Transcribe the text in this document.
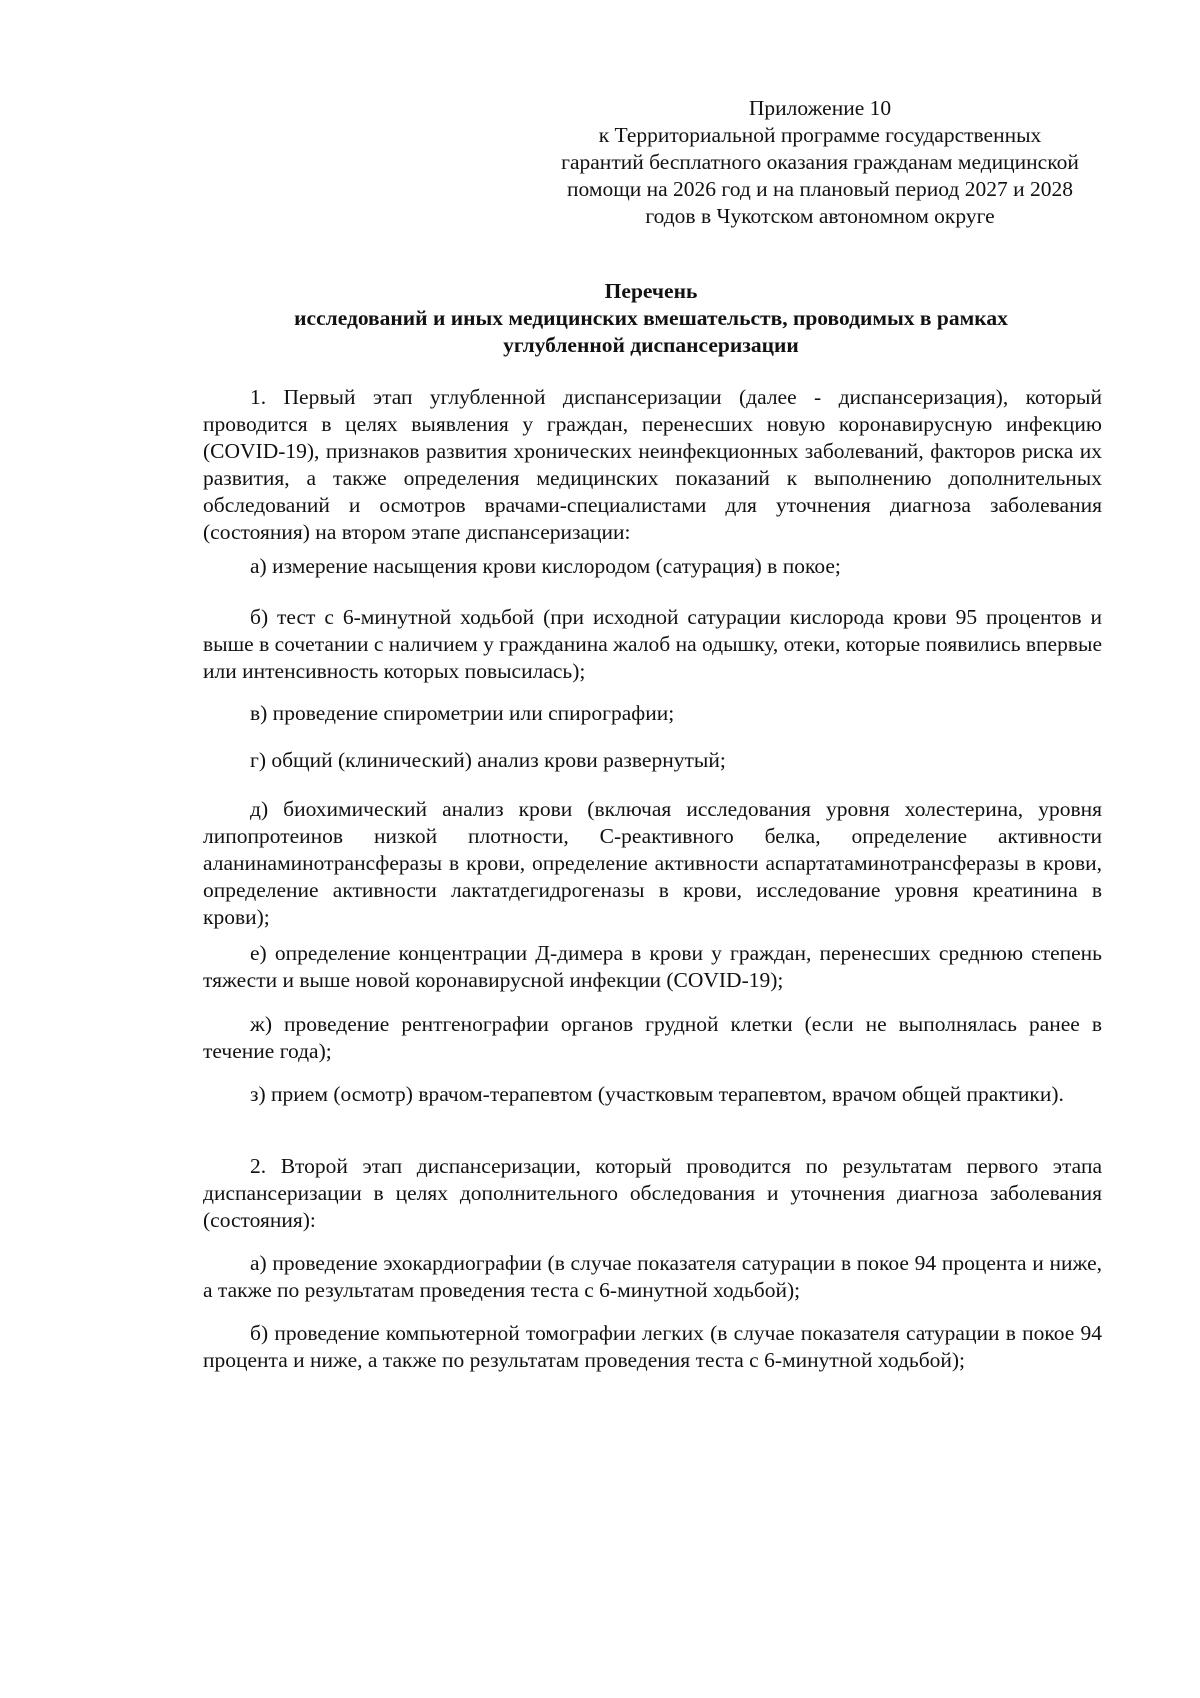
Приложение 10
к Территориальной программе государственных
гарантий бесплатного оказания гражданам медицинской
помощи на 2026 год и на плановый период 2027 и 2028
годов в Чукотском автономном округе
Перечень
исследований и иных медицинских вмешательств, проводимых в рамках
углубленной диспансеризации

1. Первый этап углубленной диспансеризации (далее - диспансеризация), который проводится в целях выявления у граждан, перенесших новую коронавирусную инфекцию (COVID-19), признаков развития хронических неинфекционных заболеваний, факторов риска их развития, а также определения медицинских показаний к выполнению дополнительных обследований и осмотров врачами-специалистами для уточнения диагноза заболевания (состояния) на втором этапе диспансеризации:

а) измерение насыщения крови кислородом (сатурация) в покое;

б) тест с 6-минутной ходьбой (при исходной сатурации кислорода крови 95 процентов и выше в сочетании с наличием у гражданина жалоб на одышку, отеки, которые появились впервые или интенсивность которых повысилась);

в) проведение спирометрии или спирографии;

г) общий (клинический) анализ крови развернутый;

д) биохимический анализ крови (включая исследования уровня холестерина, уровня липопротеинов низкой плотности, С-реактивного белка, определение активности аланинаминотрансферазы в крови, определение активности аспартатаминотрансферазы в крови, определение активности лактатдегидрогеназы в крови, исследование уровня креатинина в крови);

е) определение концентрации Д-димера в крови у граждан, перенесших среднюю степень тяжести и выше новой коронавирусной инфекции (COVID-19);

ж) проведение рентгенографии органов грудной клетки (если не выполнялась ранее в течение года);

з) прием (осмотр) врачом-терапевтом (участковым терапевтом, врачом общей практики).

2. Второй этап диспансеризации, который проводится по результатам первого этапа диспансеризации в целях дополнительного обследования и уточнения диагноза заболевания (состояния):

а) проведение эхокардиографии (в случае показателя сатурации в покое 94 процента и ниже, а также по результатам проведения теста с 6-минутной ходьбой);

б) проведение компьютерной томографии легких (в случае показателя сатурации в покое 94 процента и ниже, а также по результатам проведения теста с 6-минутной ходьбой);
